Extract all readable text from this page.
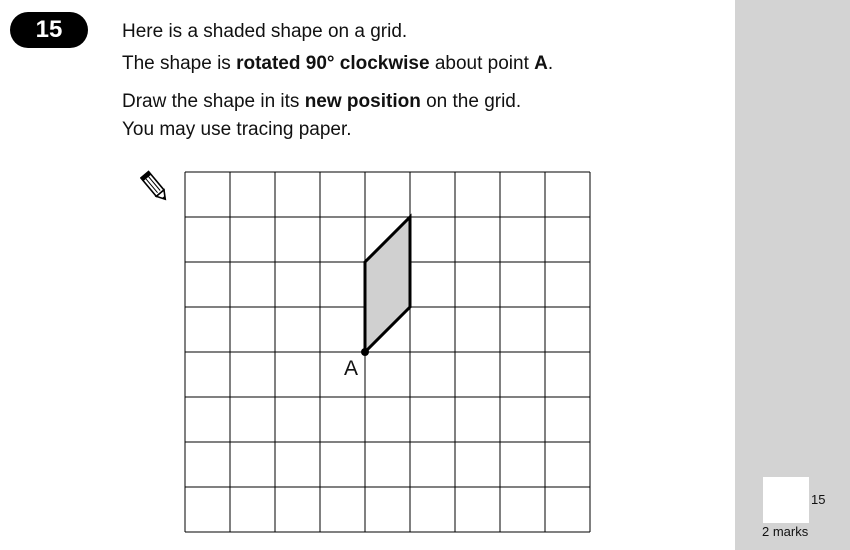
15	Here is a shaded shape on a grid.
The shape is rotated 90° clockwise about point A.
Draw the shape in its new position on the grid.
You may use tracing paper.
A
15
2 marks
